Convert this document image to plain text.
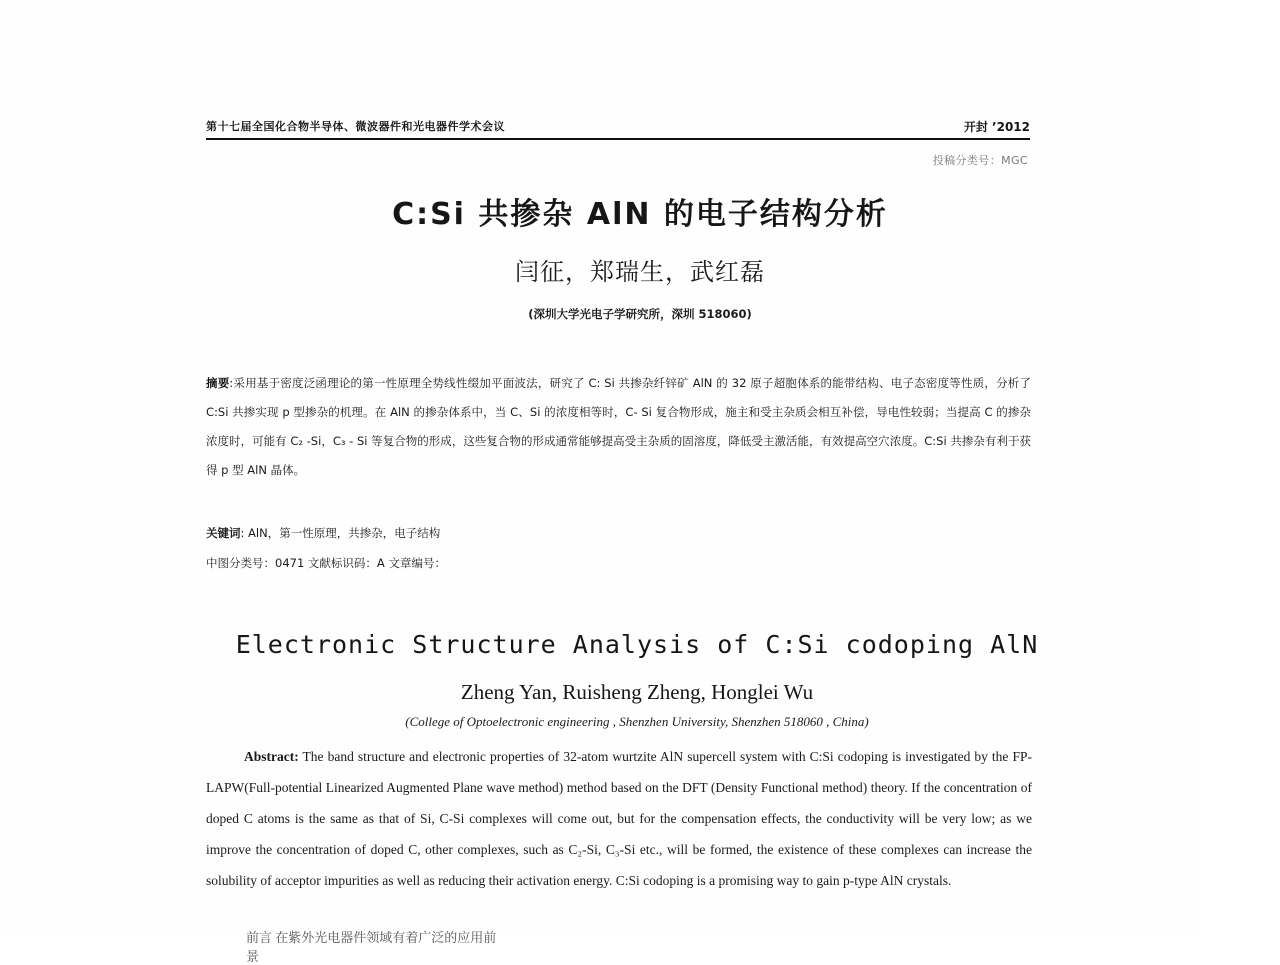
第十七届全国化合物半导体、微波器件和光电器件学术会议	开封 ’2012
投稿分类号：MGC
C:Si 共掺杂 AlN 的电子结构分析
闫征，郑瑞生，武红磊
(深圳大学光电子学研究所，深圳 518060)
摘要:采用基于密度泛函理论的第一性原理全势线性缀加平面波法，研究了 C: Si 共掺杂纤锌矿 AlN 的 32 原子超胞体系的能带结构、电子态密度等性质，分析了 C:Si 共掺实现 p 型掺杂的机理。在 AlN 的掺杂体系中，当 C、Si 的浓度相等时，C- Si 复合物形成，施主和受主杂质会相互补偿，导电性较弱；当提高 C 的掺杂浓度时，可能有 C₂ -Si，C₃ - Si 等复合物的形成，这些复合物的形成通常能够提高受主杂质的固溶度，降低受主激活能，有效提高空穴浓度。C:Si 共掺杂有利于获得 p 型 AlN 晶体。
关键词: AlN，第一性原理，共掺杂，电子结构
中图分类号：0471 文献标识码：A 文章编号：
Electronic Structure Analysis of C:Si codoping AlN
Zheng Yan, Ruisheng Zheng, Honglei Wu
(College of Optoelectronic engineering , Shenzhen University, Shenzhen 518060 , China)
Abstract: The band structure and electronic properties of 32-atom wurtzite AlN supercell system with C:Si codoping is investigated by the FP-LAPW(Full-potential Linearized Augmented Plane wave method) method based on the DFT (Density Functional method) theory. If the concentration of doped C atoms is the same as that of Si, C-Si complexes will come out, but for the compensation effects, the conductivity will be very low; as we improve the concentration of doped C, other complexes, such as C₂-Si, C₃-Si etc., will be formed, the existence of these complexes can increase the solubility of acceptor impurities as well as reducing their activation energy. C:Si codoping is a promising way to gain p-type AlN crystals.
前言 在紫外光电器件领域有着广泛的应用前景
